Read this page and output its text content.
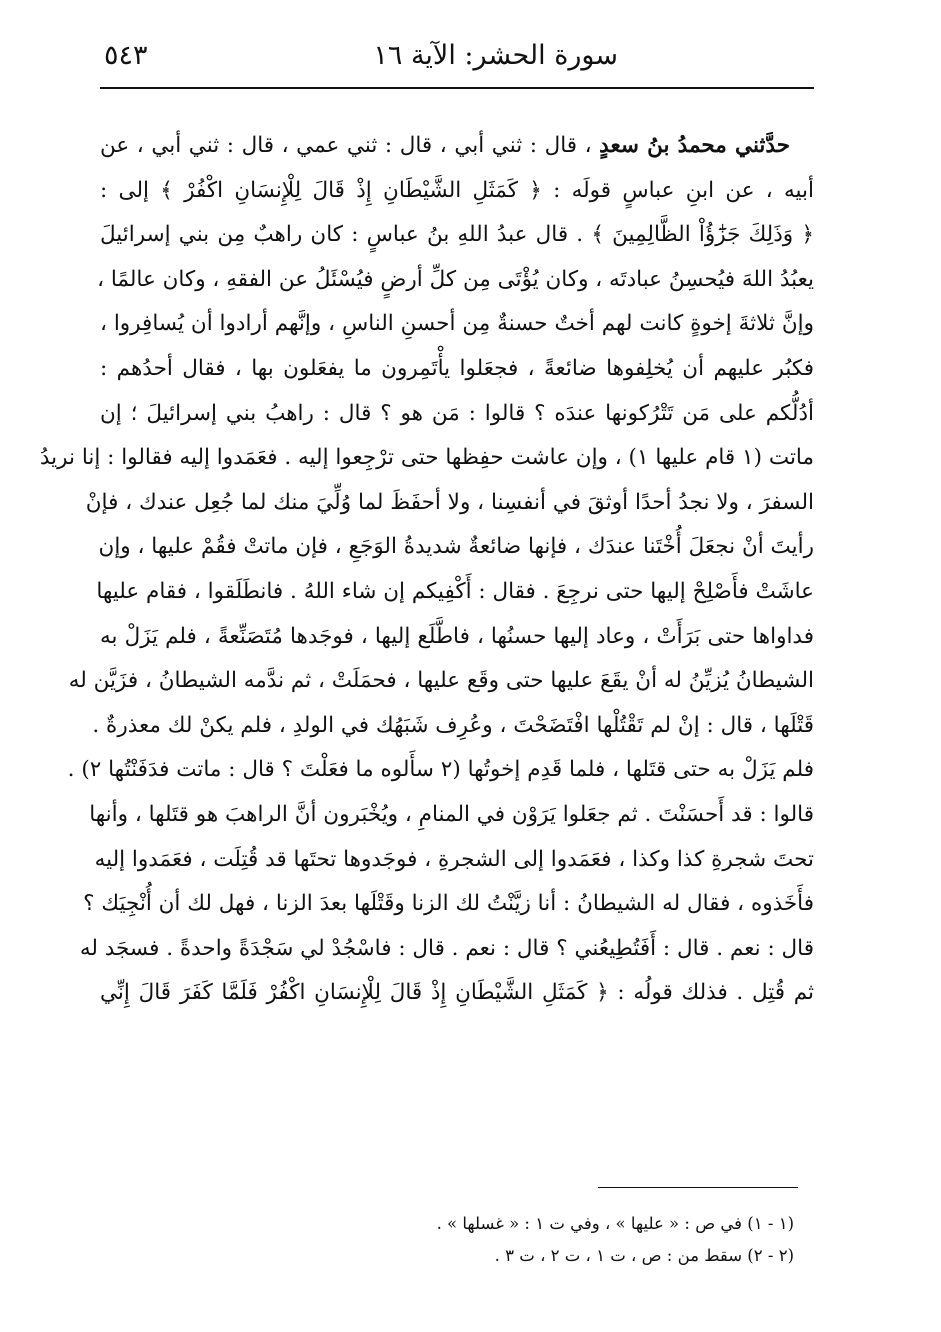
سورة الحشر: الآية ١٦
٥٤٣
حدَّثني محمدُ بنُ سعدٍ ، قال : ثني أبي ، قال : ثني عمي ، قال : ثني أبي ، عن
أبيه ، عن ابنِ عباسٍ قولَه : ﴿ كَمَثَلِ الشَّيْطَانِ إِذْ قَالَ لِلْإِنسَانِ اكْفُرْ ﴾ إلى :
﴿ وَذَلِكَ جَزَٰٓؤُاْ الظَّالِمِينَ ﴾ . قال عبدُ اللهِ بنُ عباسٍ : كان راهبٌ مِن بني إسرائيلَ
يعبُدُ اللهَ فيُحسِنُ عبادتَه ، وكان يُؤْتَى مِن كلِّ أرضٍ فيُسْئَلُ عن الفقهِ ، وكان عالمًا ،
وإنَّ ثلاثةَ إخوةٍ كانت لهم أختٌ حسنةٌ مِن أحسنِ الناسِ ، وإنَّهم أرادوا أن يُسافِروا ،
فكبُر عليهم أن يُخلِفوها ضائعةً ، فجعَلوا يأْتَمِرون ما يفعَلون بها ، فقال أحدُهم :
أدُلُّكم على مَن تَتْرُكونها عندَه ؟ قالوا : مَن هو ؟ قال : راهبُ بني إسرائيلَ ؛ إن
ماتت (١ قام عليها ١) ، وإن عاشت حفِظها حتى ترْجِعوا إليه . فعَمَدوا إليه فقالوا : إنا نريدُ
السفرَ ، ولا نجدُ أحدًا أوثقَ في أنفسِنا ، ولا أحفَظَ لما وُلِّيَ منك لما جُعِل عندك ، فإنْ
رأيتَ أنْ نجعَلَ أُخْتَنا عندَك ، فإنها ضائعةٌ شديدةُ الوَجَعِ ، فإن ماتتْ فقُمْ عليها ، وإن
عاشَتْ فأَصْلِحْ إليها حتى نرجِعَ . فقال : أَكْفِيكم إن شاء اللهُ . فانطَلَقوا ، فقام عليها
فداواها حتى بَرَأَتْ ، وعاد إليها حسنُها ، فاطَّلَع إليها ، فوجَدها مُتَصَنِّعةً ، فلم يَزَلْ به
الشيطانُ يُزيِّنُ له أنْ يقَعَ عليها حتى وقَع عليها ، فحمَلَتْ ، ثم ندَّمه الشيطانُ ، فزَيَّن له
قَتْلَها ، قال : إنْ لم تَقْتُلْها افْتَضَحْتَ ، وعُرِف شَبَهُك في الولدِ ، فلم يكنْ لك معذرةٌ .
فلم يَزَلْ به حتى قتَلها ، فلما قَدِم إخوتُها (٢ سأَلوه ما فعَلْتَ ؟ قال : ماتت فدَفَنْتُها ٢) .
قالوا : قد أَحسَنْتَ . ثم جعَلوا يَرَوْن في المنامِ ، ويُخْبَرون أنَّ الراهبَ هو قتَلها ، وأنها
تحتَ شجرةِ كذا وكذا ، فعَمَدوا إلى الشجرةِ ، فوجَدوها تحتَها قد قُتِلَت ، فعَمَدوا إليه
فأَخَذوه ، فقال له الشيطانُ : أنا زيَّنْتُ لك الزنا وقَتْلَها بعدَ الزنا ، فهل لك أن أُنْجِيَك ؟
قال : نعم . قال : أَفَتُطِيعُني ؟ قال : نعم . قال : فاسْجُدْ لي سَجْدَةً واحدةً . فسجَد له
ثم قُتِل . فذلك قولُه : ﴿ كَمَثَلِ الشَّيْطَانِ إِذْ قَالَ لِلْإِنسَانِ اكْفُرْ فَلَمَّا كَفَرَ قَالَ إِنِّي
(١ - ١) في ص : « عليها » ، وفي ت ١ : « غسلها » .
(٢ - ٢) سقط من : ص ، ت ١ ، ت ٢ ، ت ٣ .
